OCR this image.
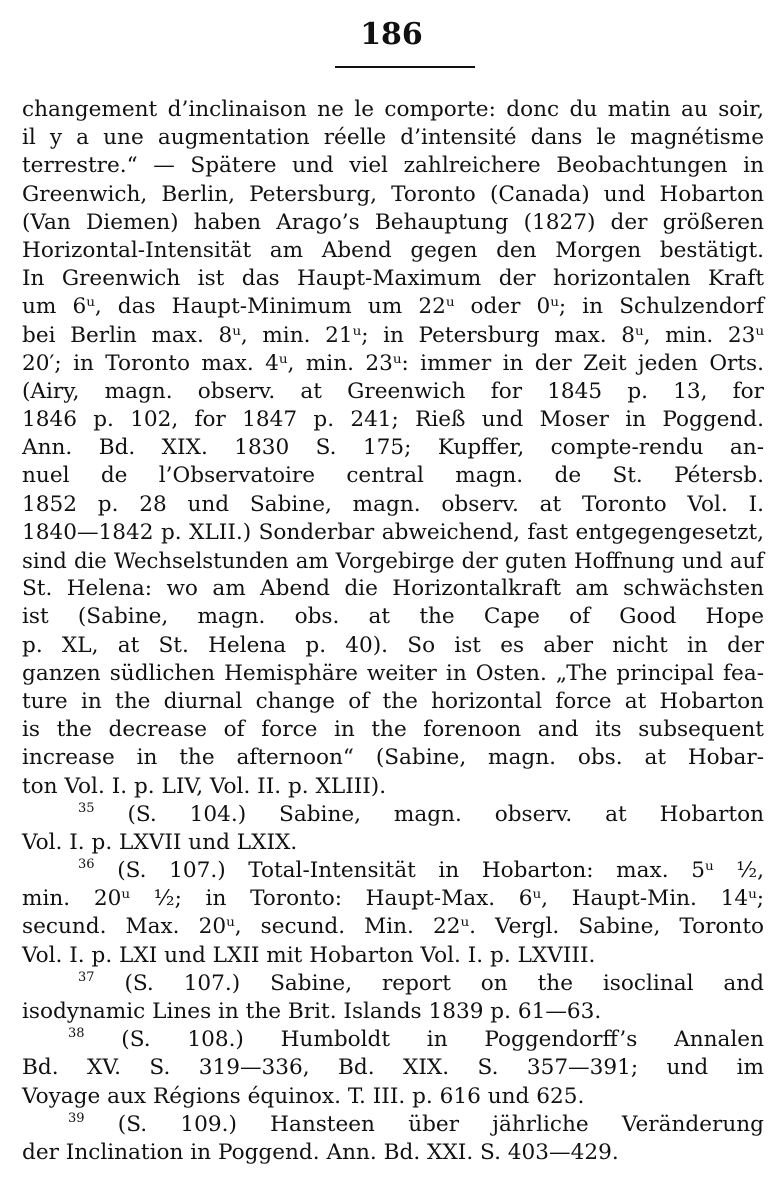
186
changement d’inclinaison ne le comporte: donc du matin au soir,
il y a une augmentation réelle d’intensité dans le magnétisme
terrestre.“ — Spätere und viel zahlreichere Beobachtungen in
Greenwich, Berlin, Petersburg, Toronto (Canada) und Hobarton
(Van Diemen) haben Arago’s Behauptung (1827) der größeren
Horizontal-Intensität am Abend gegen den Morgen bestätigt.
In Greenwich ist das Haupt-Maximum der horizontalen Kraft
um 6ᵘ, das Haupt-Minimum um 22ᵘ oder 0ᵘ; in Schulzendorf
bei Berlin max. 8ᵘ, min. 21ᵘ; in Petersburg max. 8ᵘ, min. 23ᵘ
20′; in Toronto max. 4ᵘ, min. 23ᵘ: immer in der Zeit jeden Orts.
(Airy, magn. observ. at Greenwich for 1845 p. 13, for
1846 p. 102, for 1847 p. 241; Rieß und Moser in Poggend.
Ann. Bd. XIX. 1830 S. 175; Kupffer, compte-rendu an-
nuel de l’Observatoire central magn. de St. Pétersb.
1852 p. 28 und Sabine, magn. observ. at Toronto Vol. I.
1840—1842 p. XLII.) Sonderbar abweichend, fast entgegengesetzt,
sind die Wechselstunden am Vorgebirge der guten Hoffnung und auf
St. Helena: wo am Abend die Horizontalkraft am schwächsten
ist (Sabine, magn. obs. at the Cape of Good Hope
p. XL, at St. Helena p. 40). So ist es aber nicht in der
ganzen südlichen Hemisphäre weiter in Osten. „The principal fea-
ture in the diurnal change of the horizontal force at Hobarton
is the decrease of force in the forenoon and its subsequent
increase in the afternoon“ (Sabine, magn. obs. at Hobar-
ton Vol. I. p. LIV, Vol. II. p. XLIII).
$^{35}$ (S. 104.) Sabine, magn. observ. at Hobarton
Vol. I. p. LXVII und LXIX.
$^{36}$ (S. 107.) Total-Intensität in Hobarton: max. 5ᵘ ½,
min. 20ᵘ ½; in Toronto: Haupt-Max. 6ᵘ, Haupt-Min. 14ᵘ;
secund. Max. 20ᵘ, secund. Min. 22ᵘ. Vergl. Sabine, Toronto
Vol. I. p. LXI und LXII mit Hobarton Vol. I. p. LXVIII.
$^{37}$ (S. 107.) Sabine, report on the isoclinal and
isodynamic Lines in the Brit. Islands 1839 p. 61—63.
$^{38}$ (S. 108.) Humboldt in Poggendorff’s Annalen
Bd. XV. S. 319—336, Bd. XIX. S. 357—391; und im
Voyage aux Régions équinox. T. III. p. 616 und 625.
$^{39}$ (S. 109.) Hansteen über jährliche Veränderung
der Inclination in Poggend. Ann. Bd. XXI. S. 403—429.
